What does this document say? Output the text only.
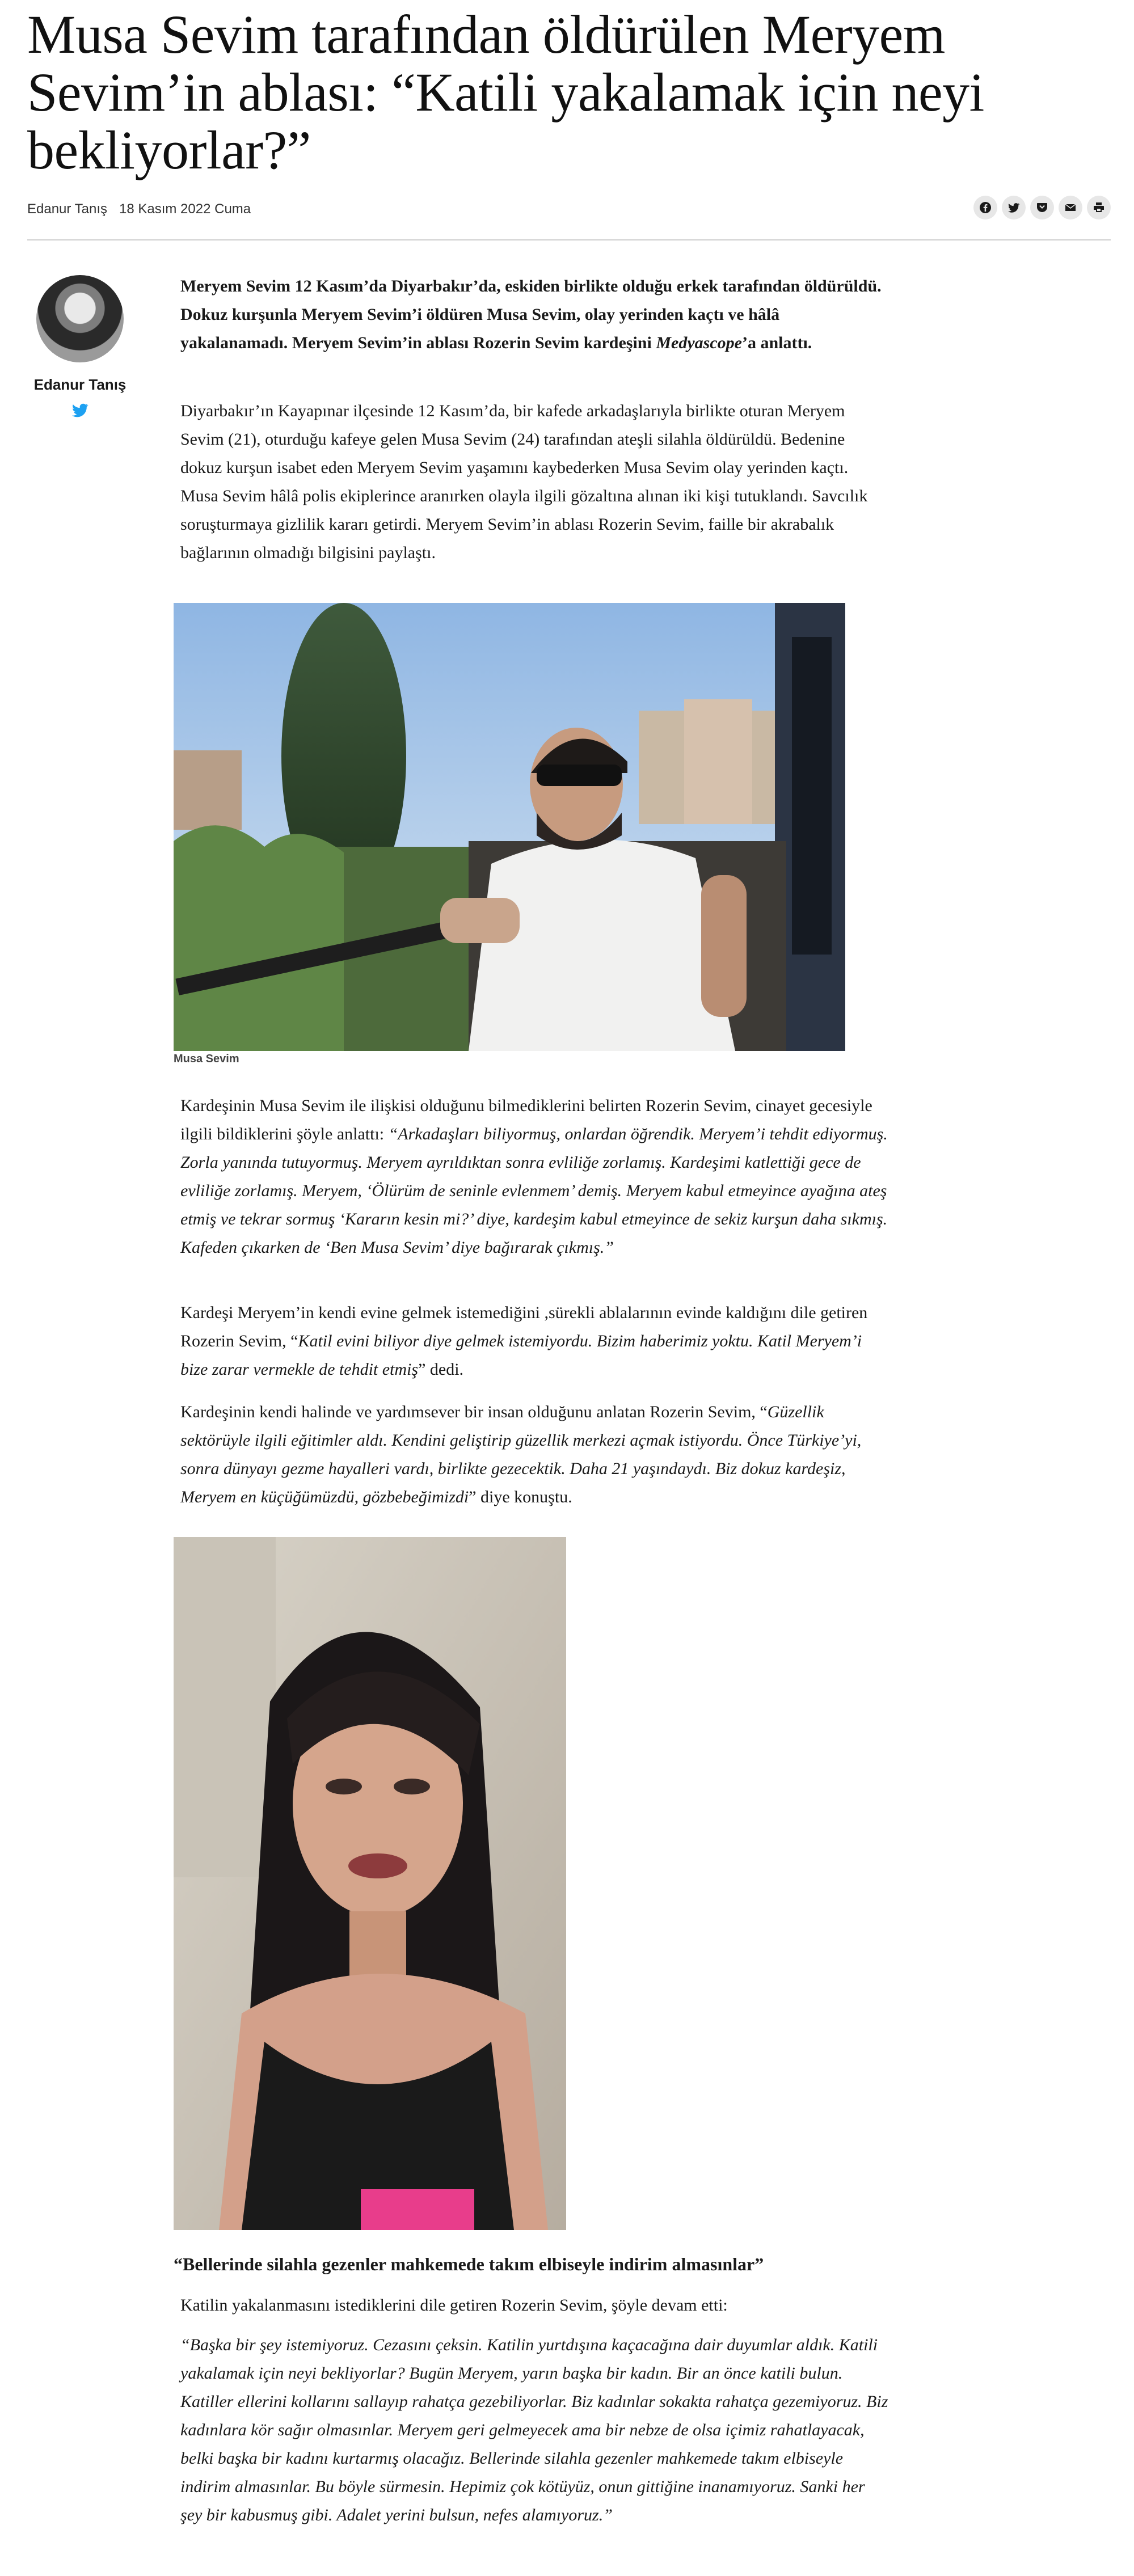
Musa Sevim tarafından öldürülen Meryem Sevim’in ablası: “Katili yakalamak için neyi bekliyorlar?”
Edanur Tanış 18 Kasım 2022 Cuma
Edanur Tanış

Meryem Sevim 12 Kasım’da Diyarbakır’da, eskiden birlikte olduğu erkek tarafından öldürüldü. Dokuz kurşunla Meryem Sevim’i öldüren Musa Sevim, olay yerinden kaçtı ve hâlâ yakalanamadı. Meryem Sevim’in ablası Rozerin Sevim kardeşini Medyascope’a anlattı.

Diyarbakır’ın Kayapınar ilçesinde 12 Kasım’da, bir kafede arkadaşlarıyla birlikte oturan Meryem Sevim (21), oturduğu kafeye gelen Musa Sevim (24) tarafından ateşli silahla öldürüldü. Bedenine dokuz kurşun isabet eden Meryem Sevim yaşamını kaybederken Musa Sevim olay yerinden kaçtı. Musa Sevim hâlâ polis ekiplerince aranırken olayla ilgili gözaltına alınan iki kişi tutuklandı. Savcılık soruşturmaya gizlilik kararı getirdi. Meryem Sevim’in ablası Rozerin Sevim, faille bir akrabalık bağlarının olmadığı bilgisini paylaştı.

Musa Sevim

Kardeşinin Musa Sevim ile ilişkisi olduğunu bilmediklerini belirten Rozerin Sevim, cinayet gecesiyle ilgili bildiklerini şöyle anlattı: “Arkadaşları biliyormuş, onlardan öğrendik. Meryem’i tehdit ediyormuş. Zorla yanında tutuyormuş. Meryem ayrıldıktan sonra evliliğe zorlamış. Kardeşimi katlettiği gece de evliliğe zorlamış. Meryem, ‘Ölürüm de seninle evlenmem’ demiş. Meryem kabul etmeyince ayağına ateş etmiş ve tekrar sormuş ‘Kararın kesin mi?’ diye, kardeşim kabul etmeyince de sekiz kurşun daha sıkmış. Kafeden çıkarken de ‘Ben Musa Sevim’ diye bağırarak çıkmış.”

Kardeşi Meryem’in kendi evine gelmek istemediğini ,sürekli ablalarının evinde kaldığını dile getiren Rozerin Sevim, “Katil evini biliyor diye gelmek istemiyordu. Bizim haberimiz yoktu. Katil Meryem’i bize zarar vermekle de tehdit etmiş” dedi.

Kardeşinin kendi halinde ve yardımsever bir insan olduğunu anlatan Rozerin Sevim, “Güzellik sektörüyle ilgili eğitimler aldı. Kendini geliştirip güzellik merkezi açmak istiyordu. Önce Türkiye’yi, sonra dünyayı gezme hayalleri vardı, birlikte gezecektik. Daha 21 yaşındaydı. Biz dokuz kardeşiz, Meryem en küçüğümüzdü, gözbebeğimizdi” diye konuştu.

“Bellerinde silahla gezenler mahkemede takım elbiseyle indirim almasınlar”

Katilin yakalanmasını istediklerini dile getiren Rozerin Sevim, şöyle devam etti:

“Başka bir şey istemiyoruz. Cezasını çeksin. Katilin yurtdışına kaçacağına dair duyumlar aldık. Katili yakalamak için neyi bekliyorlar? Bugün Meryem, yarın başka bir kadın. Bir an önce katili bulun. Katiller ellerini kollarını sallayıp rahatça gezebiliyorlar. Biz kadınlar sokakta rahatça gezemiyoruz. Biz kadınlara kör sağır olmasınlar. Meryem geri gelmeyecek ama bir nebze de olsa içimiz rahatlayacak, belki başka bir kadını kurtarmış olacağız. Bellerinde silahla gezenler mahkemede takım elbiseyle indirim almasınlar. Bu böyle sürmesin. Hepimiz çok kötüyüz, onun gittiğine inanamıyoruz. Sanki her şey bir kabusmuş gibi. Adalet yerini bulsun, nefes alamıyoruz.”
